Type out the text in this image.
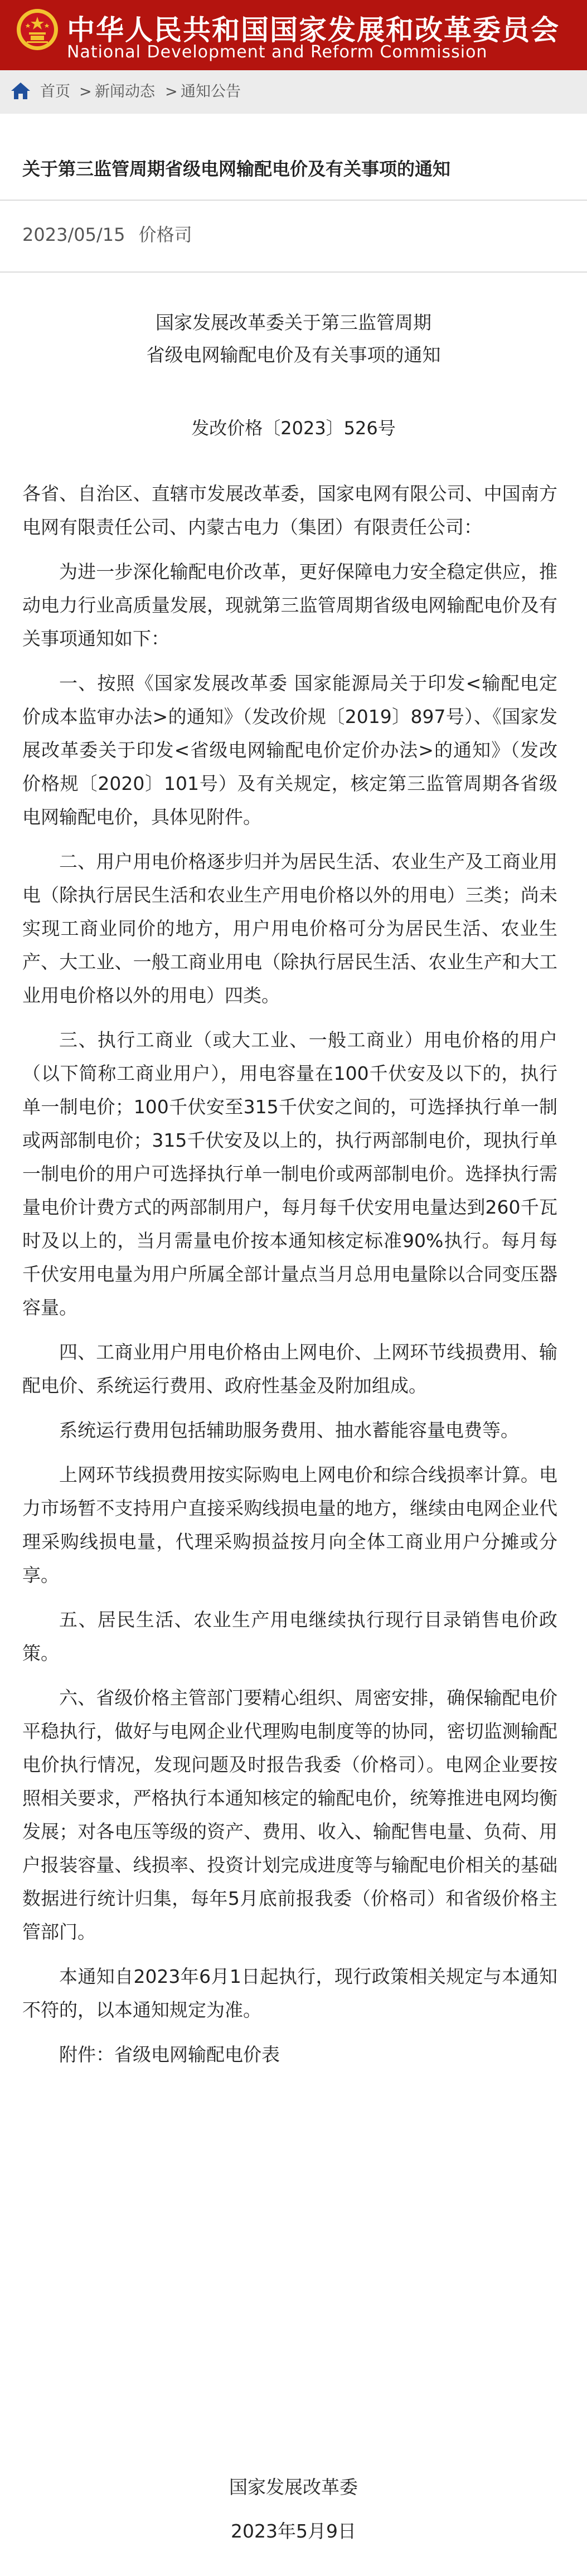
中华人民共和国国家发展和改革委员会
National Development and Reform Commission
首页 > 新闻动态 > 通知公告
关于第三监管周期省级电网输配电价及有关事项的通知
2023/05/15 价格司
国家发展改革委关于第三监管周期
省级电网输配电价及有关事项的通知
发改价格〔2023〕526号

各省、自治区、直辖市发展改革委，国家电网有限公司、中国南方电网有限责任公司、内蒙古电力（集团）有限责任公司：

为进一步深化输配电价改革，更好保障电力安全稳定供应，推动电力行业高质量发展，现就第三监管周期省级电网输配电价及有关事项通知如下：

一、按照《国家发展改革委 国家能源局关于印发<输配电定价成本监审办法>的通知》（发改价规〔2019〕897号）、《国家发展改革委关于印发<省级电网输配电价定价办法>的通知》（发改价格规〔2020〕101号）及有关规定，核定第三监管周期各省级电网输配电价，具体见附件。

二、用户用电价格逐步归并为居民生活、农业生产及工商业用电（除执行居民生活和农业生产用电价格以外的用电）三类；尚未实现工商业同价的地方，用户用电价格可分为居民生活、农业生产、大工业、一般工商业用电（除执行居民生活、农业生产和大工业用电价格以外的用电）四类。

三、执行工商业（或大工业、一般工商业）用电价格的用户（以下简称工商业用户），用电容量在100千伏安及以下的，执行单一制电价；100千伏安至315千伏安之间的，可选择执行单一制或两部制电价；315千伏安及以上的，执行两部制电价，现执行单一制电价的用户可选择执行单一制电价或两部制电价。选择执行需量电价计费方式的两部制用户，每月每千伏安用电量达到260千瓦时及以上的，当月需量电价按本通知核定标准90%执行。每月每千伏安用电量为用户所属全部计量点当月总用电量除以合同变压器容量。

四、工商业用户用电价格由上网电价、上网环节线损费用、输配电价、系统运行费用、政府性基金及附加组成。

系统运行费用包括辅助服务费用、抽水蓄能容量电费等。

上网环节线损费用按实际购电上网电价和综合线损率计算。电力市场暂不支持用户直接采购线损电量的地方，继续由电网企业代理采购线损电量，代理采购损益按月向全体工商业用户分摊或分享。

五、居民生活、农业生产用电继续执行现行目录销售电价政策。

六、省级价格主管部门要精心组织、周密安排，确保输配电价平稳执行，做好与电网企业代理购电制度等的协同，密切监测输配电价执行情况，发现问题及时报告我委（价格司）。电网企业要按照相关要求，严格执行本通知核定的输配电价，统筹推进电网均衡发展；对各电压等级的资产、费用、收入、输配售电量、负荷、用户报装容量、线损率、投资计划完成进度等与输配电价相关的基础数据进行统计归集，每年5月底前报我委（价格司）和省级价格主管部门。

本通知自2023年6月1日起执行，现行政策相关规定与本通知不符的，以本通知规定为准。

附件：省级电网输配电价表

国家发展改革委
2023年5月9日
